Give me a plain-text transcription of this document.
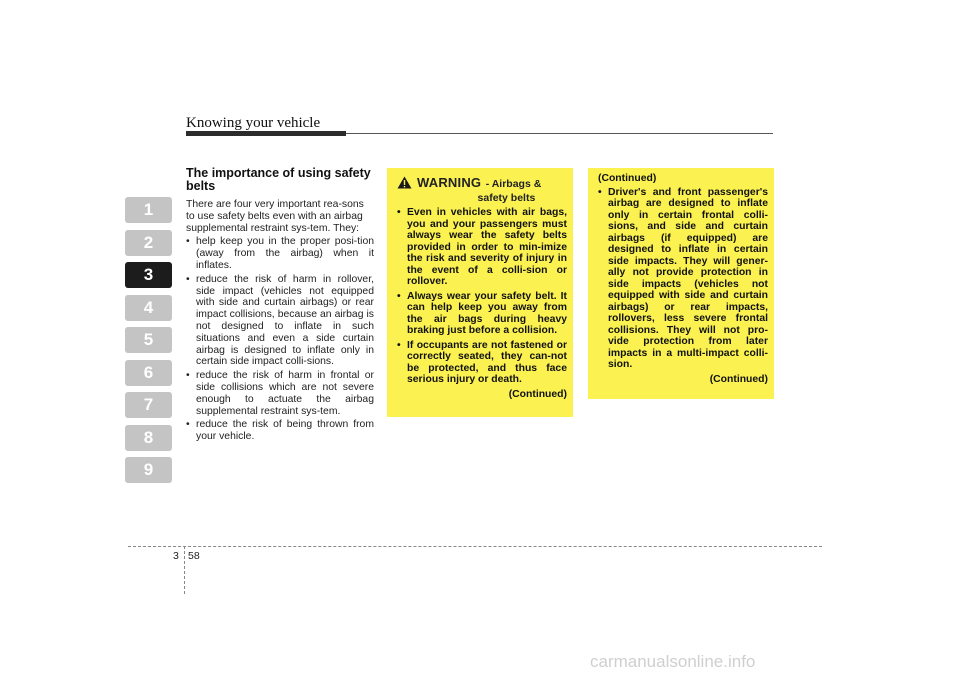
Knowing your vehicle
1
2
3
4
5
6
7
8
9
The importance of using safety belts
There are four very important rea-sons to use safety belts even with an airbag supplemental restraint sys-tem. They:
• help keep you in the proper posi-tion (away from the airbag) when it inflates.
• reduce the risk of harm in rollover, side impact (vehicles not equipped with side and curtain airbags) or rear impact collisions, because an airbag is not designed to inflate in such situations and even a side curtain airbag is designed to inflate only in certain side impact colli-sions.
• reduce the risk of harm in frontal or side collisions which are not severe enough to actuate the airbag supplemental restraint sys-tem.
• reduce the risk of being thrown from your vehicle.
WARNING - Airbags &
safety belts
• Even in vehicles with air bags, you and your passengers must always wear the safety belts provided in order to min-imize the risk and severity of injury in the event of a colli-sion or rollover.
• Always wear your safety belt. It can help keep you away from the air bags during heavy braking just before a collision.
• If occupants are not fastened or correctly seated, they can-not be protected, and thus face serious injury or death.
(Continued)
(Continued)
• Driver's and front passenger's airbag are designed to inflate only in certain frontal colli-sions, and side and curtain airbags (if equipped) are designed to inflate in certain side impacts. They will gener-ally not provide protection in side impacts (vehicles not equipped with side and curtain airbags) or rear impacts, rollovers, less severe frontal collisions. They will not pro-vide protection from later impacts in a multi-impact colli-sion.
(Continued)
3 58
carmanualsonline.info
